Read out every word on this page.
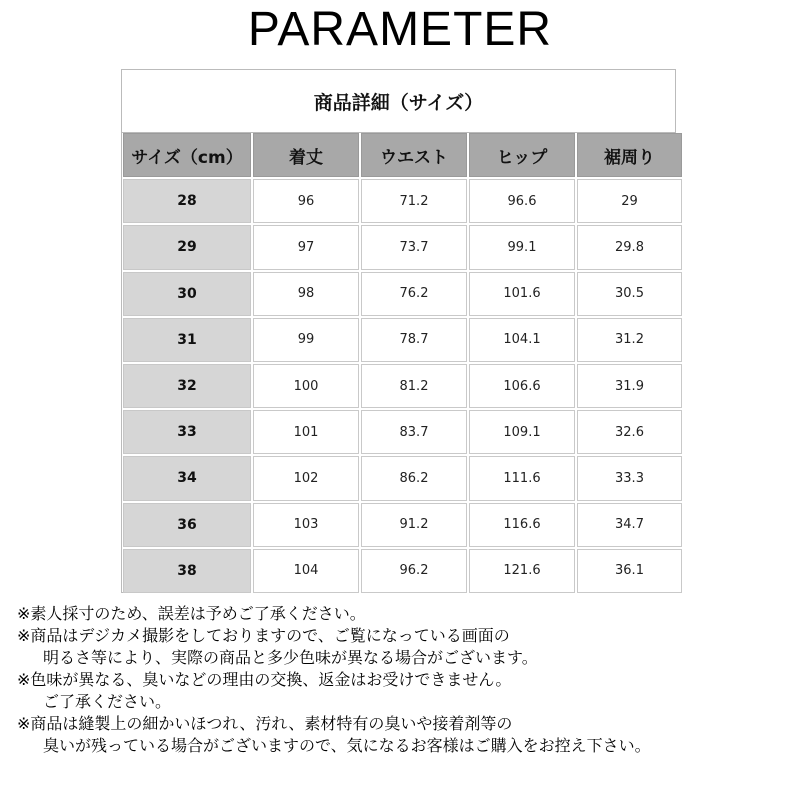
PARAMETER
商品詳細（サイズ）
サイズ（cm）	着丈	ウエスト	ヒップ	裾周り
28	96	71.2	96.6	29
29	97	73.7	99.1	29.8
30	98	76.2	101.6	30.5
31	99	78.7	104.1	31.2
32	100	81.2	106.6	31.9
33	101	83.7	109.1	32.6
34	102	86.2	111.6	33.3
36	103	91.2	116.6	34.7
38	104	96.2	121.6	36.1
※素人採寸のため、誤差は予めご了承ください。
※商品はデジカメ撮影をしておりますので、ご覧になっている画面の
明るさ等により、実際の商品と多少色味が異なる場合がございます。
※色味が異なる、臭いなどの理由の交換、返金はお受けできません。
ご了承ください。
※商品は縫製上の細かいほつれ、汚れ、素材特有の臭いや接着剤等の
臭いが残っている場合がございますので、気になるお客様はご購入をお控え下さい。
